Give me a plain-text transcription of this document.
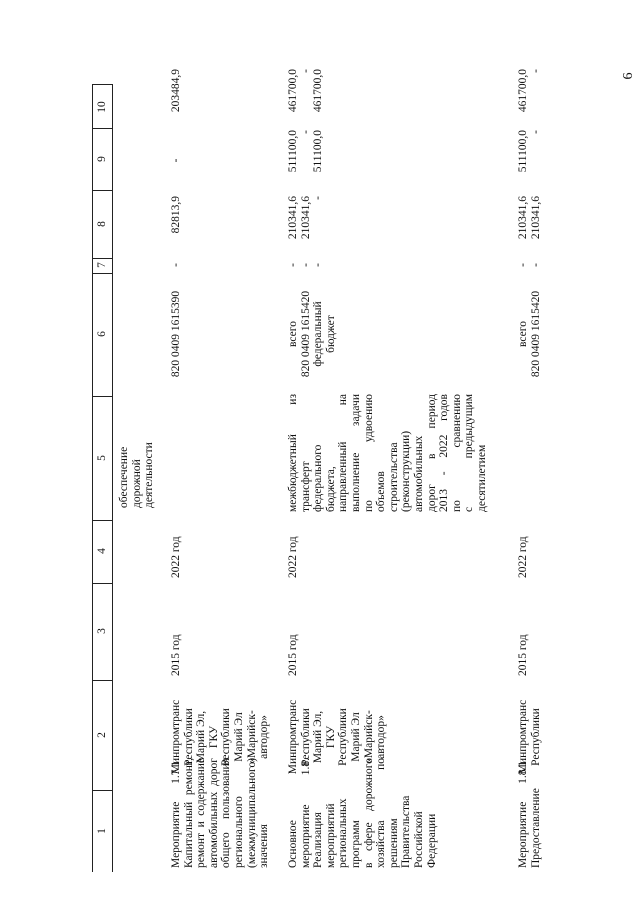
6
1
2
3
4
5
6
7
8
9
10
обеспечение дорожной деятельности
Мероприятие 1.7.1. Капитальный ремонт, ремонт и содержание автомобильных дорог общего пользования регионального (межмуниципального) значения
Минпромтранс Республики Марий Эл, ГКУ Республики Марий Эл «Марийск- автодор»
2015 год
2022 год
820 0409 1615390
-
82813,9
-
203484,9
Основное мероприятие 1.8. Реализация мероприятий региональных программ в сфере дорожного хозяйства по решениям Правительства Российской Федерации
Минпромтранс Республики Марий Эл, ГКУ Республики Марий Эл «Марийск- автодор»
2015 год
2022 год
межбюджетный из трансферт федерального бюджета, направленный на выполнение задачи по удвоению объемов строительства (реконструкции) автомобильных дорог в период 2013 - 2022 годов по сравнению с предыдущим десятилетием
всего 820 0409 1615420 федеральный бюджет
- - -
210341,6 210341,6 -
511100,0 - 511100,0
461700,0 - 461700,0
Мероприятие 1.8.1. Предоставление
Минпромтранс Республики
2015 год
2022 год
всего 820 0409 1615420
- -
210341,6 210341,6
511100,0 -
461700,0 -
